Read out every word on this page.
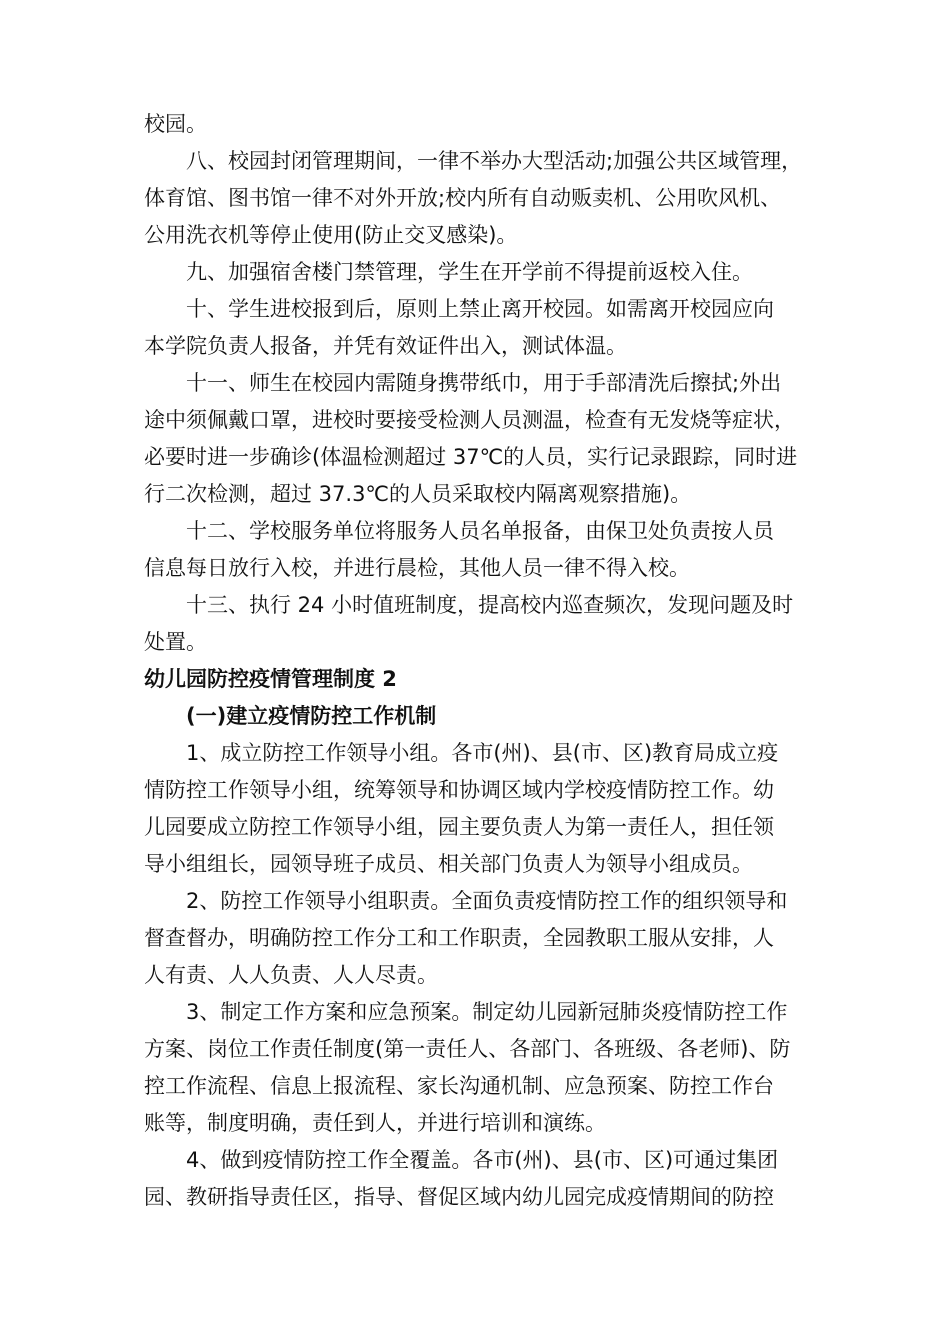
校园。
八、校园封闭管理期间，一律不举办大型活动;加强公共区域管理，
体育馆、图书馆一律不对外开放;校内所有自动贩卖机、公用吹风机、
公用洗衣机等停止使用(防止交叉感染)。
九、加强宿舍楼门禁管理，学生在开学前不得提前返校入住。
十、学生进校报到后，原则上禁止离开校园。如需离开校园应向
本学院负责人报备，并凭有效证件出入，测试体温。
十一、师生在校园内需随身携带纸巾，用于手部清洗后擦拭;外出
途中须佩戴口罩，进校时要接受检测人员测温，检查有无发烧等症状，
必要时进一步确诊(体温检测超过 37℃的人员，实行记录跟踪，同时进
行二次检测，超过 37.3℃的人员采取校内隔离观察措施)。
十二、学校服务单位将服务人员名单报备，由保卫处负责按人员
信息每日放行入校，并进行晨检，其他人员一律不得入校。
十三、执行 24 小时值班制度，提高校内巡查频次，发现问题及时
处置。
幼儿园防控疫情管理制度 2
(一)建立疫情防控工作机制
1、成立防控工作领导小组。各市(州)、县(市、区)教育局成立疫
情防控工作领导小组，统筹领导和协调区域内学校疫情防控工作。幼
儿园要成立防控工作领导小组，园主要负责人为第一责任人，担任领
导小组组长，园领导班子成员、相关部门负责人为领导小组成员。
2、防控工作领导小组职责。全面负责疫情防控工作的组织领导和
督查督办，明确防控工作分工和工作职责，全园教职工服从安排，人
人有责、人人负责、人人尽责。
3、制定工作方案和应急预案。制定幼儿园新冠肺炎疫情防控工作
方案、岗位工作责任制度(第一责任人、各部门、各班级、各老师)、防
控工作流程、信息上报流程、家长沟通机制、应急预案、防控工作台
账等，制度明确，责任到人，并进行培训和演练。
4、做到疫情防控工作全覆盖。各市(州)、县(市、区)可通过集团
园、教研指导责任区，指导、督促区域内幼儿园完成疫情期间的防控
